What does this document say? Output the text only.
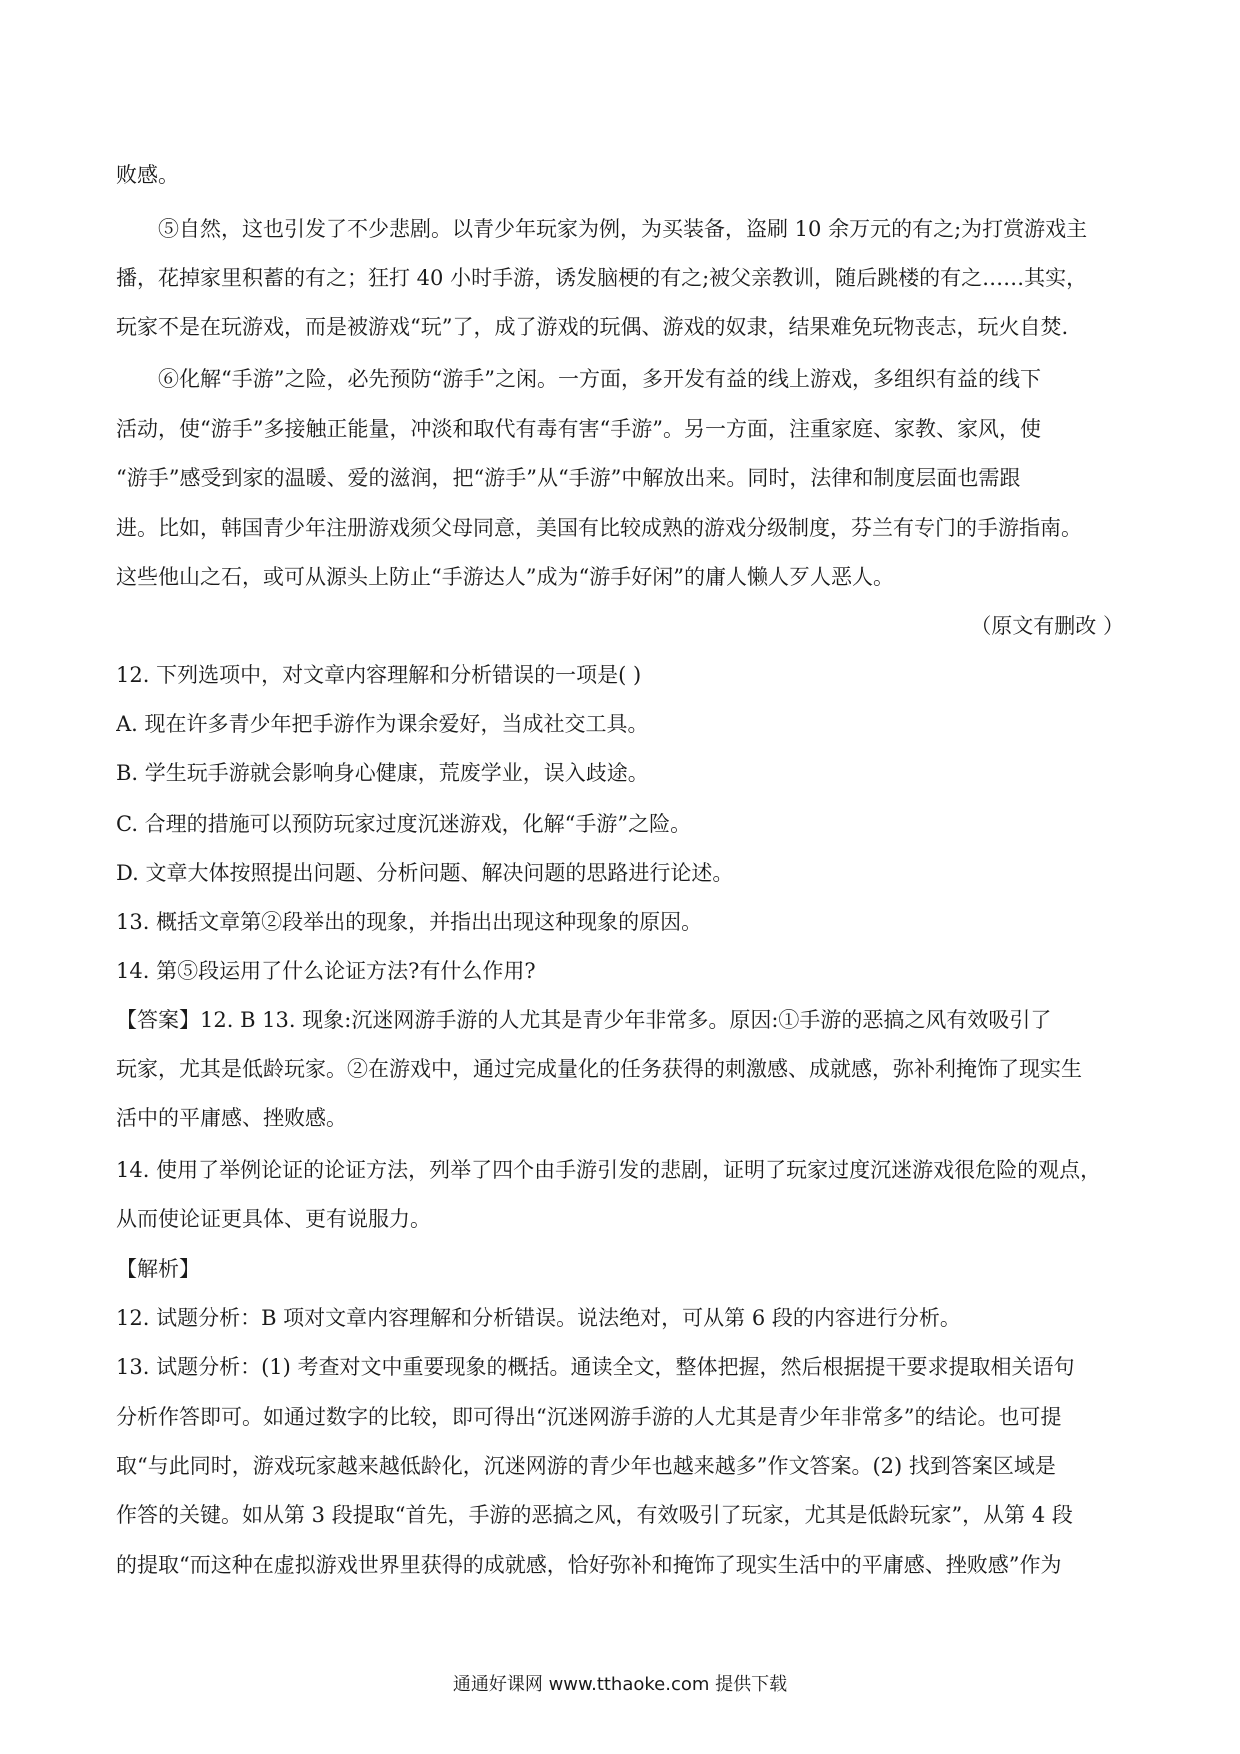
败感。
⑤自然，这也引发了不少悲剧。以青少年玩家为例，为买装备，盗刷 10 余万元的有之;为打赏游戏主
播，花掉家里积蓄的有之；狂打 40 小时手游，诱发脑梗的有之;被父亲教训，随后跳楼的有之……其实，
玩家不是在玩游戏，而是被游戏“玩”了，成了游戏的玩偶、游戏的奴隶，结果难免玩物丧志，玩火自焚.
⑥化解“手游”之险，必先预防“游手”之闲。一方面，多开发有益的线上游戏，多组织有益的线下
活动，使“游手”多接触正能量，冲淡和取代有毒有害“手游”。另一方面，注重家庭、家教、家风，使
“游手”感受到家的温暖、爱的滋润，把“游手”从“手游”中解放出来。同时，法律和制度层面也需跟
进。比如，韩国青少年注册游戏须父母同意，美国有比较成熟的游戏分级制度，芬兰有专门的手游指南。
这些他山之石，或可从源头上防止“手游达人”成为“游手好闲”的庸人懒人歹人恶人。
（原文有删改 ）
12. 下列选项中，对文章内容理解和分析错误的一项是( )
A. 现在许多青少年把手游作为课余爱好，当成社交工具。
B. 学生玩手游就会影响身心健康，荒废学业，误入歧途。
C. 合理的措施可以预防玩家过度沉迷游戏，化解“手游”之险。
D. 文章大体按照提出问题、分析问题、解决问题的思路进行论述。
13. 概括文章第②段举出的现象，并指出出现这种现象的原因。
14. 第⑤段运用了什么论证方法?有什么作用?
【答案】12. B 13. 现象:沉迷网游手游的人尤其是青少年非常多。原因:①手游的恶搞之风有效吸引了
玩家，尤其是低龄玩家。②在游戏中，通过完成量化的任务获得的刺激感、成就感，弥补利掩饰了现实生
活中的平庸感、挫败感。
14. 使用了举例论证的论证方法，列举了四个由手游引发的悲剧，证明了玩家过度沉迷游戏很危险的观点，
从而使论证更具体、更有说服力。
【解析】
12. 试题分析：B 项对文章内容理解和分析错误。说法绝对，可从第 6 段的内容进行分析。
13. 试题分析：(1) 考查对文中重要现象的概括。通读全文，整体把握，然后根据提干要求提取相关语句
分析作答即可。如通过数字的比较，即可得出“沉迷网游手游的人尤其是青少年非常多”的结论。也可提
取“与此同时，游戏玩家越来越低龄化，沉迷网游的青少年也越来越多”作文答案。(2) 找到答案区域是
作答的关键。如从第 3 段提取“首先，手游的恶搞之风，有效吸引了玩家，尤其是低龄玩家”，从第 4 段
的提取“而这种在虚拟游戏世界里获得的成就感，恰好弥补和掩饰了现实生活中的平庸感、挫败感”作为
通通好课网 www.tthaoke.com 提供下载
